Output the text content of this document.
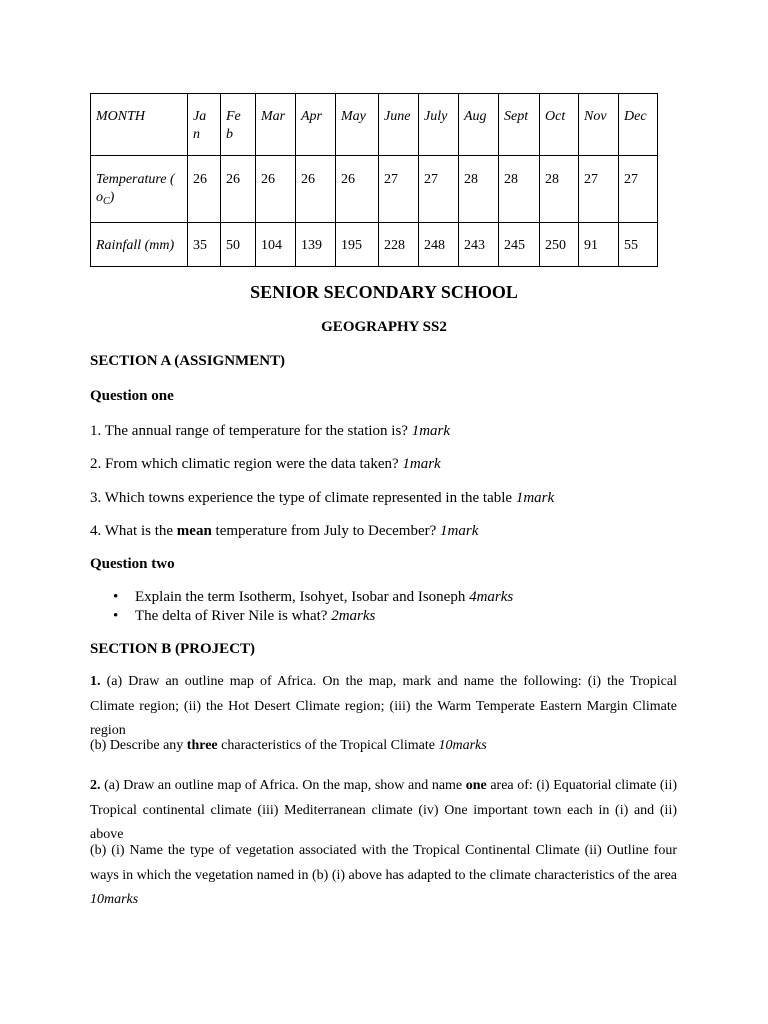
MONTH	Ja n	Fe b	Mar	Apr	May	June	July	Aug	Sept	Oct	Nov	Dec
Temperature (
$o_C$)	26	26	26	26	26	27	27	28	28	28	27	27
Rainfall (mm)	35	50	104	139	195	228	248	243	245	250	91	55
SENIOR SECONDARY SCHOOL
GEOGRAPHY SS2
SECTION A (ASSIGNMENT)
Question one
1. The annual range of temperature for the station is? 1mark
2. From which climatic region were the data taken? 1mark
3. Which towns experience the type of climate represented in the table 1mark
4. What is the mean temperature from July to December? 1mark
Question two
• Explain the term Isotherm, Isohyet, Isobar and Isoneph 4marks
• The delta of River Nile is what? 2marks
SECTION B (PROJECT)
1. (a) Draw an outline map of Africa. On the map, mark and name the following: (i) the Tropical Climate region; (ii) the Hot Desert Climate region; (iii) the Warm Temperate Eastern Margin Climate region
(b) Describe any three characteristics of the Tropical Climate 10marks
2. (a) Draw an outline map of Africa. On the map, show and name one area of: (i) Equatorial climate (ii) Tropical continental climate (iii) Mediterranean climate (iv) One important town each in (i) and (ii) above
(b) (i) Name the type of vegetation associated with the Tropical Continental Climate (ii) Outline four ways in which the vegetation named in (b) (i) above has adapted to the climate characteristics of the area 10marks
